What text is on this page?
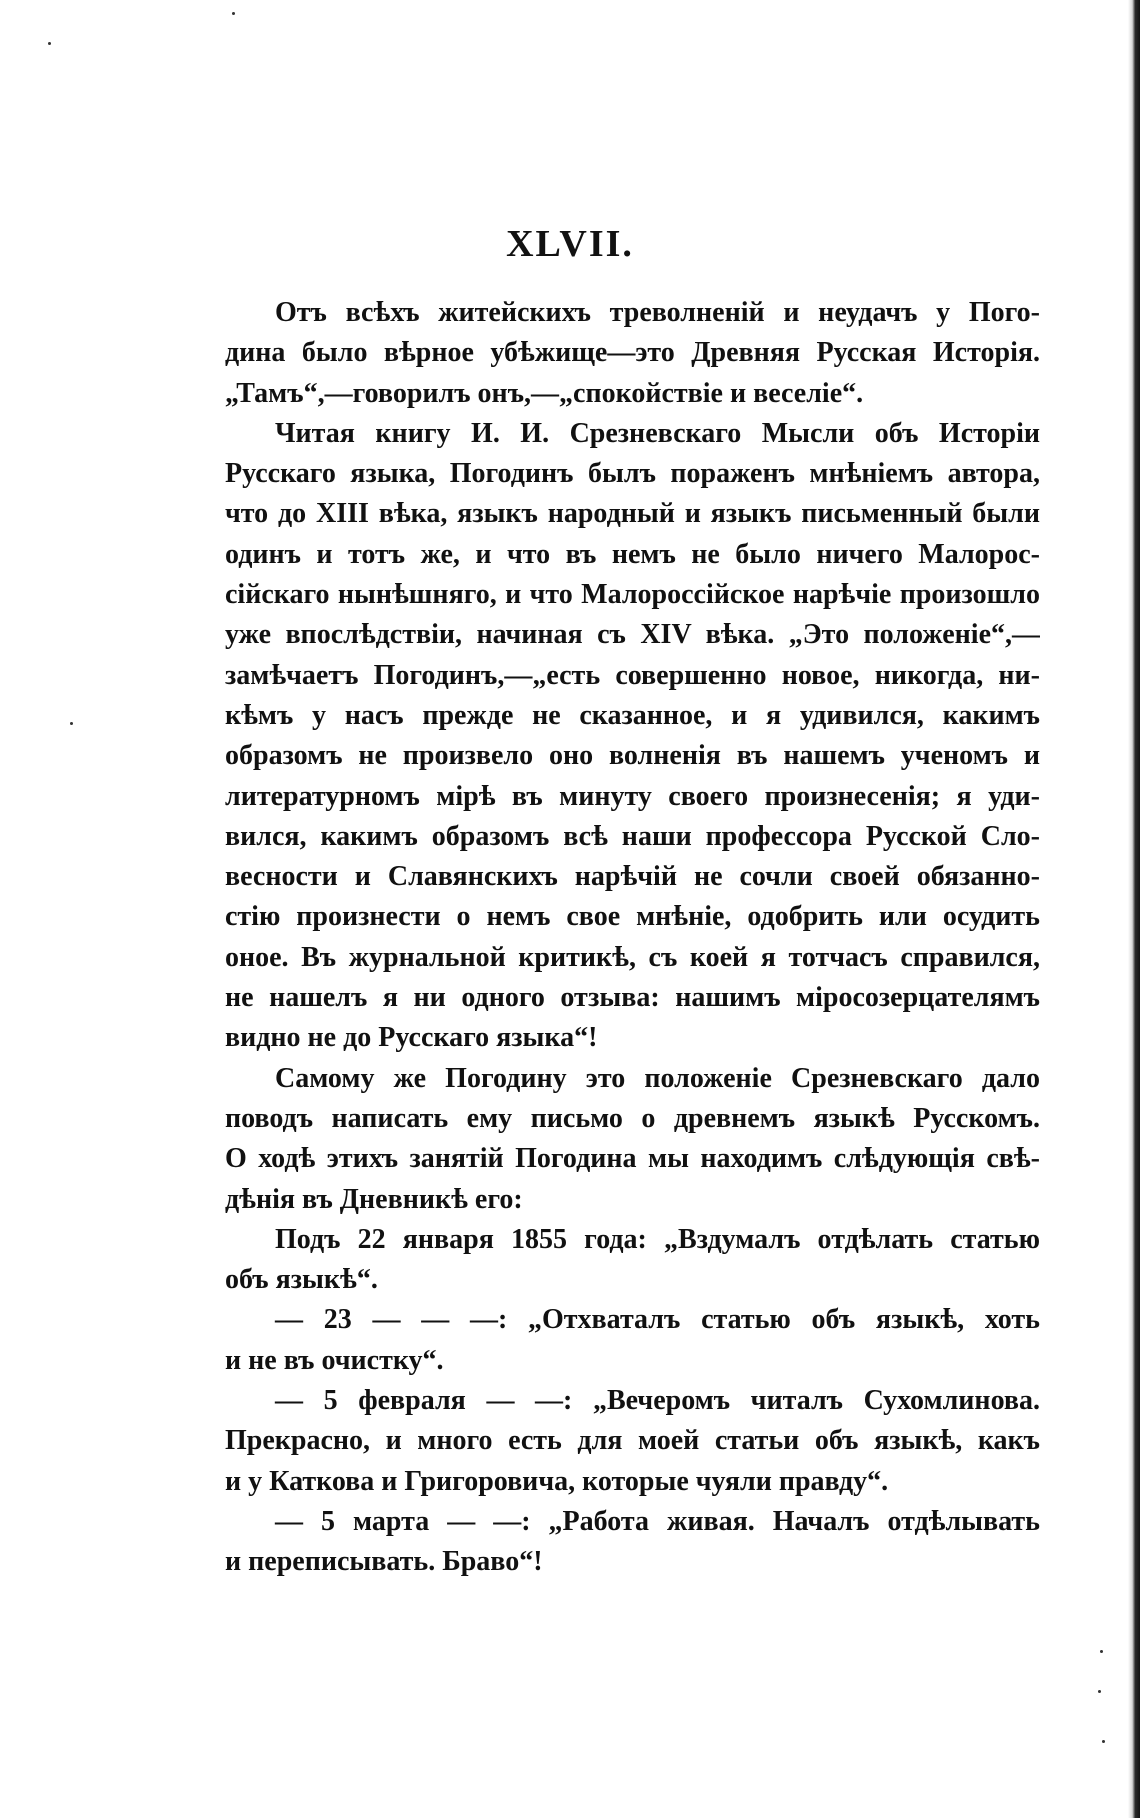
XLVII.
Отъ всѣхъ житейскихъ треволненій и неудачъ у Пого-
дина было вѣрное убѣжище—это Древняя Русская Исторія.
„Тамъ“,—говорилъ онъ,—„спокойствіе и веселіе“.
Читая книгу И. И. Срезневскаго Мысли объ Исторіи
Русскаго языка, Погодинъ былъ пораженъ мнѣніемъ автора,
что до XIII вѣка, языкъ народный и языкъ письменный были
одинъ и тотъ же, и что въ немъ не было ничего Малорос-
сійскаго нынѣшняго, и что Малороссійское нарѣчіе произошло
уже впослѣдствіи, начиная съ XIV вѣка. „Это положеніе“,—
замѣчаетъ Погодинъ,—„есть совершенно новое, никогда, ни-
кѣмъ у насъ прежде не сказанное, и я удивился, какимъ
образомъ не произвело оно волненія въ нашемъ ученомъ и
литературномъ мірѣ въ минуту своего произнесенія; я уди-
вился, какимъ образомъ всѣ наши профессора Русской Сло-
весности и Славянскихъ нарѣчій не сочли своей обязанно-
стію произнести о немъ свое мнѣніе, одобрить или осудить
оное. Въ журнальной критикѣ, съ коей я тотчасъ справился,
не нашелъ я ни одного отзыва: нашимъ міросозерцателямъ
видно не до Русскаго языка“!
Самому же Погодину это положеніе Срезневскаго дало
поводъ написать ему письмо о древнемъ языкѣ Русскомъ.
О ходѣ этихъ занятій Погодина мы находимъ слѣдующія свѣ-
дѣнія въ Дневникѣ его:
Подъ 22 января 1855 года: „Вздумалъ отдѣлать статью
объ языкѣ“.
— 23 — — —: „Отхваталъ статью объ языкѣ, хоть
и не въ очистку“.
— 5 февраля — —: „Вечеромъ читалъ Сухомлинова.
Прекрасно, и много есть для моей статьи объ языкѣ, какъ
и у Каткова и Григоровича, которые чуяли правду“.
— 5 марта — —: „Работа живая. Началъ отдѣлывать
и переписывать. Браво“!
